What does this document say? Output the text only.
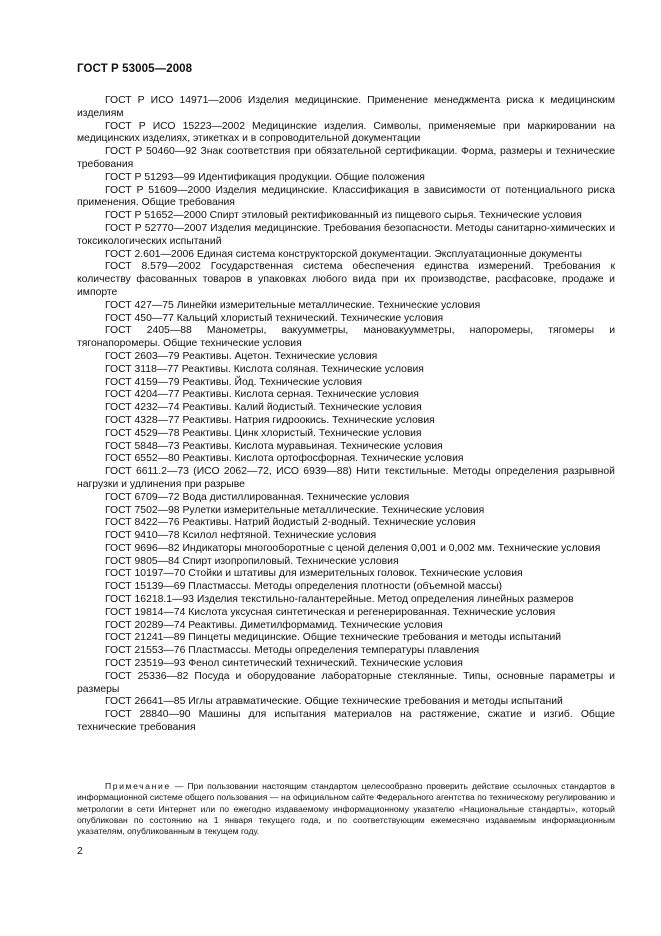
ГОСТ Р 53005—2008

ГОСТ Р ИСО 14971—2006 Изделия медицинские. Применение менеджмента риска к медицинским изделиям

ГОСТ Р ИСО 15223—2002 Медицинские изделия. Символы, применяемые при маркировании на медицинских изделиях, этикетках и в сопроводительной документации

ГОСТ Р 50460—92 Знак соответствия при обязательной сертификации. Форма, размеры и технические требования

ГОСТ Р 51293—99 Идентификация продукции. Общие положения

ГОСТ Р 51609—2000 Изделия медицинские. Классификация в зависимости от потенциального риска применения. Общие требования

ГОСТ Р 51652—2000 Спирт этиловый ректификованный из пищевого сырья. Технические условия

ГОСТ Р 52770—2007 Изделия медицинские. Требования безопасности. Методы санитарно-химических и токсикологических испытаний

ГОСТ 2.601—2006 Единая система конструкторской документации. Эксплуатационные документы

ГОСТ 8.579—2002 Государственная система обеспечения единства измерений. Требования к количеству фасованных товаров в упаковках любого вида при их производстве, расфасовке, продаже и импорте

ГОСТ 427—75 Линейки измерительные металлические. Технические условия

ГОСТ 450—77 Кальций хлористый технический. Технические условия

ГОСТ 2405—88 Манометры, вакуумметры, мановакуумметры, напоромеры, тягомеры и тягонапоромеры. Общие технические условия

ГОСТ 2603—79 Реактивы. Ацетон. Технические условия

ГОСТ 3118—77 Реактивы. Кислота соляная. Технические условия

ГОСТ 4159—79 Реактивы. Йод. Технические условия

ГОСТ 4204—77 Реактивы. Кислота серная. Технические условия

ГОСТ 4232—74 Реактивы. Калий йодистый. Технические условия

ГОСТ 4328—77 Реактивы. Натрия гидроокись. Технические условия

ГОСТ 4529—78 Реактивы. Цинк хлористый. Технические условия

ГОСТ 5848—73 Реактивы. Кислота муравьиная. Технические условия

ГОСТ 6552—80 Реактивы. Кислота ортофосфорная. Технические условия

ГОСТ 6611.2—73 (ИСО 2062—72, ИСО 6939—88) Нити текстильные. Методы определения разрывной нагрузки и удлинения при разрыве

ГОСТ 6709—72 Вода дистиллированная. Технические условия

ГОСТ 7502—98 Рулетки измерительные металлические. Технические условия

ГОСТ 8422—76 Реактивы. Натрий йодистый 2-водный. Технические условия

ГОСТ 9410—78 Ксилол нефтяной. Технические условия

ГОСТ 9696—82 Индикаторы многооборотные с ценой деления 0,001 и 0,002 мм. Технические условия

ГОСТ 9805—84 Спирт изопропиловый. Технические условия

ГОСТ 10197—70 Стойки и штативы для измерительных головок. Технические условия

ГОСТ 15139—69 Пластмассы. Методы определения плотности (объемной массы)

ГОСТ 16218.1—93 Изделия текстильно-галантерейные. Метод определения линейных размеров

ГОСТ 19814—74 Кислота уксусная синтетическая и регенерированная. Технические условия

ГОСТ 20289—74 Реактивы. Диметилформамид. Технические условия

ГОСТ 21241—89 Пинцеты медицинские. Общие технические требования и методы испытаний

ГОСТ 21553—76 Пластмассы. Методы определения температуры плавления

ГОСТ 23519—93 Фенол синтетический технический. Технические условия

ГОСТ 25336—82 Посуда и оборудование лабораторные стеклянные. Типы, основные параметры и размеры

ГОСТ 26641—85 Иглы атравматические. Общие технические требования и методы испытаний

ГОСТ 28840—90 Машины для испытания материалов на растяжение, сжатие и изгиб. Общие технические требования

Примечание — При пользовании настоящим стандартом целесообразно проверить действие ссылочных стандартов в информационной системе общего пользования — на официальном сайте Федерального агентства по техническому регулированию и метрологии в сети Интернет или по ежегодно издаваемому информационному указателю «Национальные стандарты», который опубликован по состоянию на 1 января текущего года, и по соответствующим ежемесячно издаваемым информационным указателям, опубликованным в текущем году.

2
